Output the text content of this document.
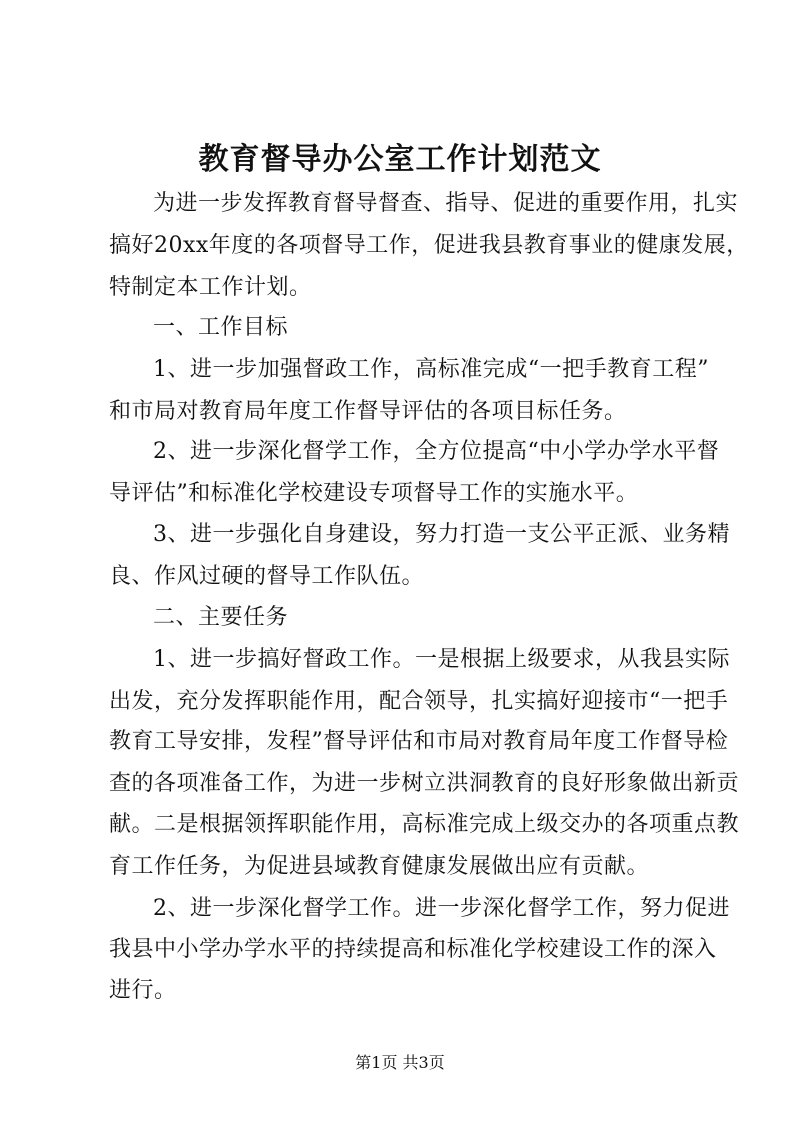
教育督导办公室工作计划范文
为进一步发挥教育督导督查、指导、促进的重要作用，扎实
搞好20xx年度的各项督导工作，促进我县教育事业的健康发展，
特制定本工作计划。
一、工作目标
1、进一步加强督政工作，高标准完成“一把手教育工程”
和市局对教育局年度工作督导评估的各项目标任务。
2、进一步深化督学工作，全方位提高“中小学办学水平督
导评估”和标准化学校建设专项督导工作的实施水平。
3、进一步强化自身建设，努力打造一支公平正派、业务精
良、作风过硬的督导工作队伍。
二、主要任务
1、进一步搞好督政工作。一是根据上级要求，从我县实际
出发，充分发挥职能作用，配合领导，扎实搞好迎接市“一把手
教育工导安排，发程”督导评估和市局对教育局年度工作督导检
查的各项准备工作，为进一步树立洪洞教育的良好形象做出新贡
献。二是根据领挥职能作用，高标准完成上级交办的各项重点教
育工作任务，为促进县域教育健康发展做出应有贡献。
2、进一步深化督学工作。进一步深化督学工作，努力促进
我县中小学办学水平的持续提高和标准化学校建设工作的深入
进行。
第1页 共3页
